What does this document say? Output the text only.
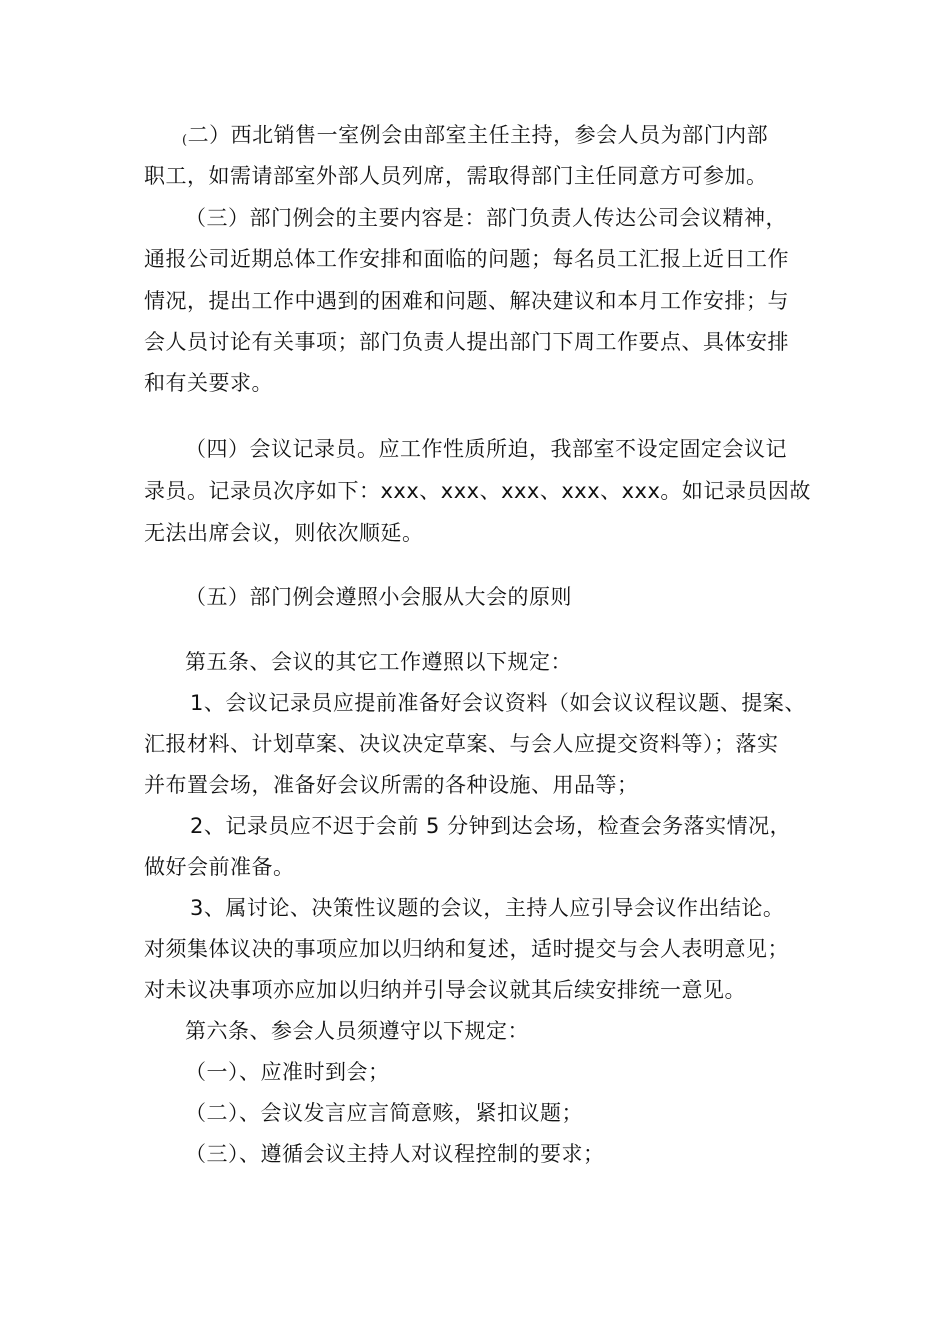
(二）西北销售一室例会由部室主任主持，参会人员为部门内部
职工，如需请部室外部人员列席，需取得部门主任同意方可参加。
（三）部门例会的主要内容是：部门负责人传达公司会议精神，
通报公司近期总体工作安排和面临的问题；每名员工汇报上近日工作
情况，提出工作中遇到的困难和问题、解决建议和本月工作安排；与
会人员讨论有关事项；部门负责人提出部门下周工作要点、具体安排
和有关要求。
（四）会议记录员。应工作性质所迫，我部室不设定固定会议记
录员。记录员次序如下：xxx、xxx、xxx、xxx、xxx。如记录员因故
无法出席会议，则依次顺延。
（五）部门例会遵照小会服从大会的原则
第五条、会议的其它工作遵照以下规定：
1、会议记录员应提前准备好会议资料（如会议议程议题、提案、
汇报材料、计划草案、决议决定草案、与会人应提交资料等）；落实
并布置会场，准备好会议所需的各种设施、用品等；
2、记录员应不迟于会前 5 分钟到达会场，检查会务落实情况，
做好会前准备。
3、属讨论、决策性议题的会议，主持人应引导会议作出结论。
对须集体议决的事项应加以归纳和复述，适时提交与会人表明意见；
对未议决事项亦应加以归纳并引导会议就其后续安排统一意见。
第六条、参会人员须遵守以下规定：
（一）、应准时到会；
（二）、会议发言应言简意赅，紧扣议题；
（三）、遵循会议主持人对议程控制的要求；
